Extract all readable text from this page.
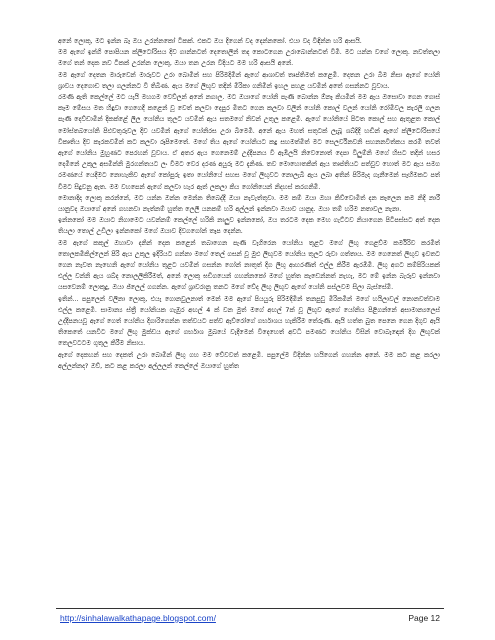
අනේ ලොකු, මට ඉන්න බෑ ඔය උරන්නකෝ ටිකක්. එකට ඔය දිගෙන් වද දෙන්නකෝ. එයා වද විඳින්න හරි ආසයි.

මම ඇගේ ඉන්ගි පොපියන ක්ලිටෝරිසය දිව ගාන්නටත් දෙතොලින් තද කොටගෙන උරාබොන්නටත් විමි. මට යන්න වගේ ලොකු. නවත්තලා මගේ තන් දෙක නව ටිකක් උරන්න ලොකු, ඔයා තන උරන විදියට මම හරි ආසයි අනේ.

මම ඇගේ දෙතන මාරුවෙන් මාරුවට උරා බොමින් සහ පිරිමදිමින් ඇගේ ආශාවත් තෘප්තිමත් කළෙමි. දෙතන උරා බීම නිසා ඇගේ යෝනි ශ්‍රාවය දෙගොඩ තලා ගලන්නට වී තිබිණ. ඇය මගේ ලිඟුව තදින් මිරිකා ගනිමින් ඉහල පහළ යවමින් අතේ ගසන්නට වූවාය.

රමණි ඇති කෙල්ලේ මට යැයි මහගම වෙව්ලන් අනේ නගාල. මට ඔයාගේ යෝනි පැණි බොන්න ඕනෑ කියමින් මම ඇය ඔසොවා ගෙන ගොස් කෑම මේසය මත හිඳුවා ගෙගෙදී කළෙන් වූ වෙත් කලවා දෙපුර මිතට ගෙන කලවා වලින් යෝනි කොල් වලන් යෝනි රෝමිවල කැරලි ගලන පැණි දෙව්ඩාමින් දිකක්ළේ ලිල යෝනිය තුලට යවමින් ඇය සතමගේ නිවන් උතුල කළෙමි. ඇගේ යෝනියේ පිටත කොල් සහ ඇතුළත කොල් මෝස්තබයෝනි පිළුවතුරුවල දිව යවමින් ඇගේ යෝනිරස උරා බිමෙමි. අනේ ඇය මහත් සතුටක් ලැබූ ශබ්දිදි හඬින් ඇගේ ක්ලිටෝරිසයේ විකෘතිය දිව කැරකවමින් කට කලවා රූපිමෙතේ. මගේ තිය ඇගේ යෝනියට කදු සහමත්මිත් මට සෙලර්විනවනි සහනනවිත්කය කරමි තවත් ඇගේ යෝනිය මුහුණට පෙරහන් වූවාය. ඒ අතර ඇය ගෙනෙමම් උද්දීපනය වී ඇඹීලයි නිවෙනොත් දෙපා විලුම්නි මගේ හිසට තදින් හසර දෙමිනේ උකුල අසමින්නි මුරගන්තයට ලං වීමට වෙර දරණ අයුරු මට දැනිණ. තව මොහොතකින් ඇය තෘප්තියට පත්වුව හොත් මට ඇය සමග රමණයේ යෙදීමට නොහැකිව ඇගේ කෝපුරු ඉතා යෝනියේ සහස මගේ ලිඟුවට නොලැබී ඇය ලබා අතින් පිරිමැද ගැනීමෙන් සෑහීමකට පත් වීමට සිදුවනු ඇත. මම වහපෙන් ඇගේ කලවා හැර ඇත් ලකලා කිය ගෝනියෙන් නිදහස් කරගනිමී.

මොනාදිද ලොකු කරන්නේ, මට යන්න ඔන්න මෙන්න තිබෙද්දී ඔයා නැවැත්තුවා. මම කම් ඔයා ඔහා කිව්වොමිත් දන කෑලෙන කම නිදි නාරී යානුවද ඔයාගේ අනේ ගහනවා නැත්නම් හුත්ත ලෙලී යනකම් හරි අල්ලන් ඉන්නවා ඔයාව යානුද. ඔයා තම් හරිම නතාවල නැනා.

ඉන්නකෝ මම ඔයාට නිගාමෙට යවන්නම් කෙල්ලේ හරිකි නාලුව ඉන්නකෝ, ඔය තරටම දෙක මෙහ ගැට්ටව නියාගෙන පිටිපස්සට අත් දෙක තියලා තොල් උඩිලා ඉන්නකෝ මගේ ඔයාව දිවගගෝන් තෑප දෙන්න.

මම ඇගේ කකුල් ඔහාවා දනින් දෙක කළෙන් තබාගෙන පැණි වැගිරෙන යෝනිය තුළට මගේ ලිඟු ගෙළව්ම කර්මිරිව කරමිත් තොලකමිකිල්ලෙන් පිරි ඇය උකුල ඉදිරියට ගන්නා මගේ තෙල් ගසන් වූ මුළු ලිඟුවම යෝනිය තුලට රුවා ගත්තාය. මම ගෙනෙත් ලිඟුව ඉවතට ගෙන නැවත නැඟෙනි ඇගේ යෝනිය තුළට යවමින් ගසන්න ගෝන් නාතුත් දිග ලිඟු ආහරණිත් එල්ල කිරීම ඇරඹිමි. ලිඟු අගට කම්පිරියකක් එල්ල වන්නි ඇය ශබ්ද නොලලිකිරීමත්, අනේ ලොකු ඝඩිගයෙන් ගහන්නකෝ මගේ හුත්ත කැඩෙන්නත් නැහැ, මට මේ ඉන්න බැරුව ඉන්නවා යසවෙනම් ලොකුදු, ඔයා ජ්‍ලෙල් ගගන්න. ඇගේ ශ්‍රාවරානු තනට මගේ වේද ලිඟු ලිඟුව ඇගේ යෝනි පස්ලවම සිලා බැස්සේමී.

ඉතින්... පපුලෙන් වලිනා ලොකු, එයැ ගොනවුලනාත් මෙන් මම ඇගේ පියයුරු පිරිමදිමින් තනපුඩු මිරිකමින් මගේ හයිලාවල් නොනවත්වාම එල්ල කළෙමි. සාමාන්‍ය ස්ත්‍රී යෝනියක ගැඹුර අඟල් 4 ක් වන මුත් මගේ අඟල් 7ක් වූ ලිඟුව ඇගේ යෝනිය පිළිගන්නේ අසාමාන්‍යලෙස් උද්දීපනයවූ ඇගේ ගෙත් යෝනිය දිගාරිගෙන්න තත්වයට පත්ව ඇව්රෝගේ ගර්භාශය හැකිරීම තේරුණි. ඇයි හත්ත බුත පෙනෙ ගෙන දිගුව ඇයි තිකෙතේ යනවිට මගේ ලිඟු මුක්ඩය ඇගේ ගර්භාශ මුඛයේ වැදීමෙන් විදෙහෙත් අවධි පමණට යෝනිය විසින් වොබැඳෙන් දිග ලිඟුවක් තෙලවටටම ගුතුල කිරීම නිසාය.

ඇගේ දෙකහන් සහ දෙකත් උරා බොමින් ලිඟු ගහ මම වේවවත් කළෙමි. පපුලේම විදින්න හයිගෙන් ගහන්න අනේ. මම කට කළ කරලා අල්ලන්නද? ඔව්, කට කළ කරලා අල්ලලන් කෙල්ලේ ඔයාගේ හුත්ත

http://sinhalawalkathapage.blogspot.com/	Page 12
